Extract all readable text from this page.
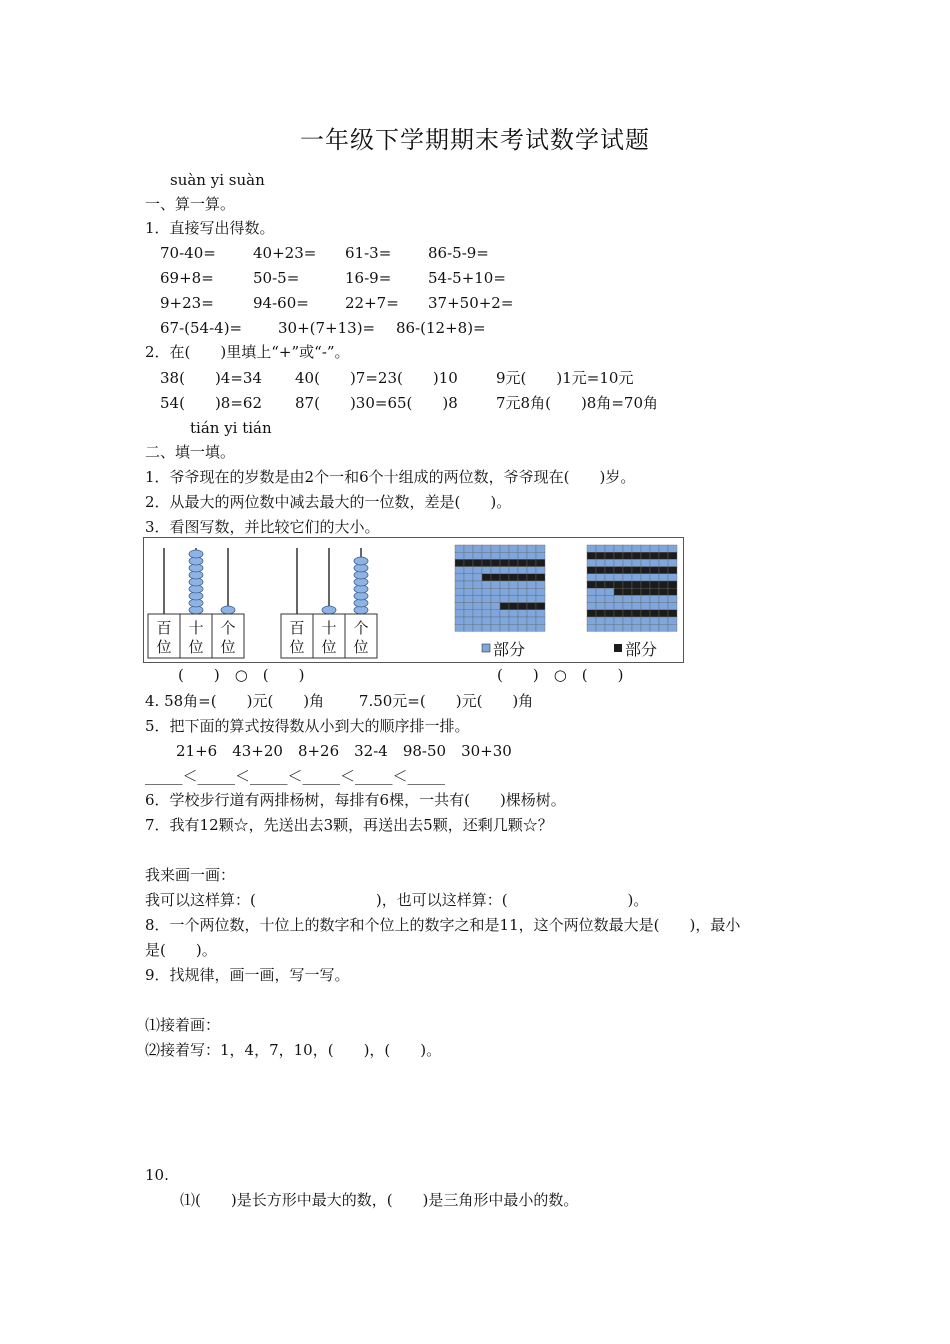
一年级下学期期末考试数学试题
suàn yi suàn
一、算一算。
1．直接写出得数。
70-40= 40+23= 61-3= 86-5-9=
69+8=	50-5=	16-9= 54-5+10=
9+23=	94-60= 22+7= 37+50+2=
67-(54-4)= 30+(7+13)= 86-(12+8)=
2．在(　　)里填上“+”或“-”。
38(　　)4=34 40(　　)7=23(　　)10	9元(　　)1元=10元
54(　　)8=62 87(　　)30=65(　　)8	7元8角(　　)8角=70角
tián yi tián
二、填一填。
1．爷爷现在的岁数是由2个一和6个十组成的两位数，爷爷现在(　　)岁。
2．从最大的两位数中减去最大的一位数，差是(　　)。
3．看图写数，并比较它们的大小。
百
位
十
位
个
位
百
位
十
位
个
位	部分	部分
(　　)　○　(　　)	(　　)　○　(　　)
4. 58角=(　　)元(　　)角　　 7.50元=(　　)元(　　)角
5．把下面的算式按得数从小到大的顺序排一排。
21+6　43+20　8+26　32-4　98-50　30+30
_____＜_____＜_____＜_____＜_____＜_____
6．学校步行道有两排杨树，每排有6棵，一共有(　　)棵杨树。
7．我有12颗☆，先送出去3颗，再送出去5颗，还剩几颗☆？
我来画一画：
我可以这样算：(　　　　　　　　)，也可以这样算：(　　　　　　　　)。
8．一个两位数，十位上的数字和个位上的数字之和是11，这个两位数最大是(　　)，最小
是(　　)。
9．找规律，画一画，写一写。
⑴接着画：
⑵接着写：1，4，7，10，(　　)，(　　)。
10.
⑴(　　)是长方形中最大的数，(　　)是三角形中最小的数。
